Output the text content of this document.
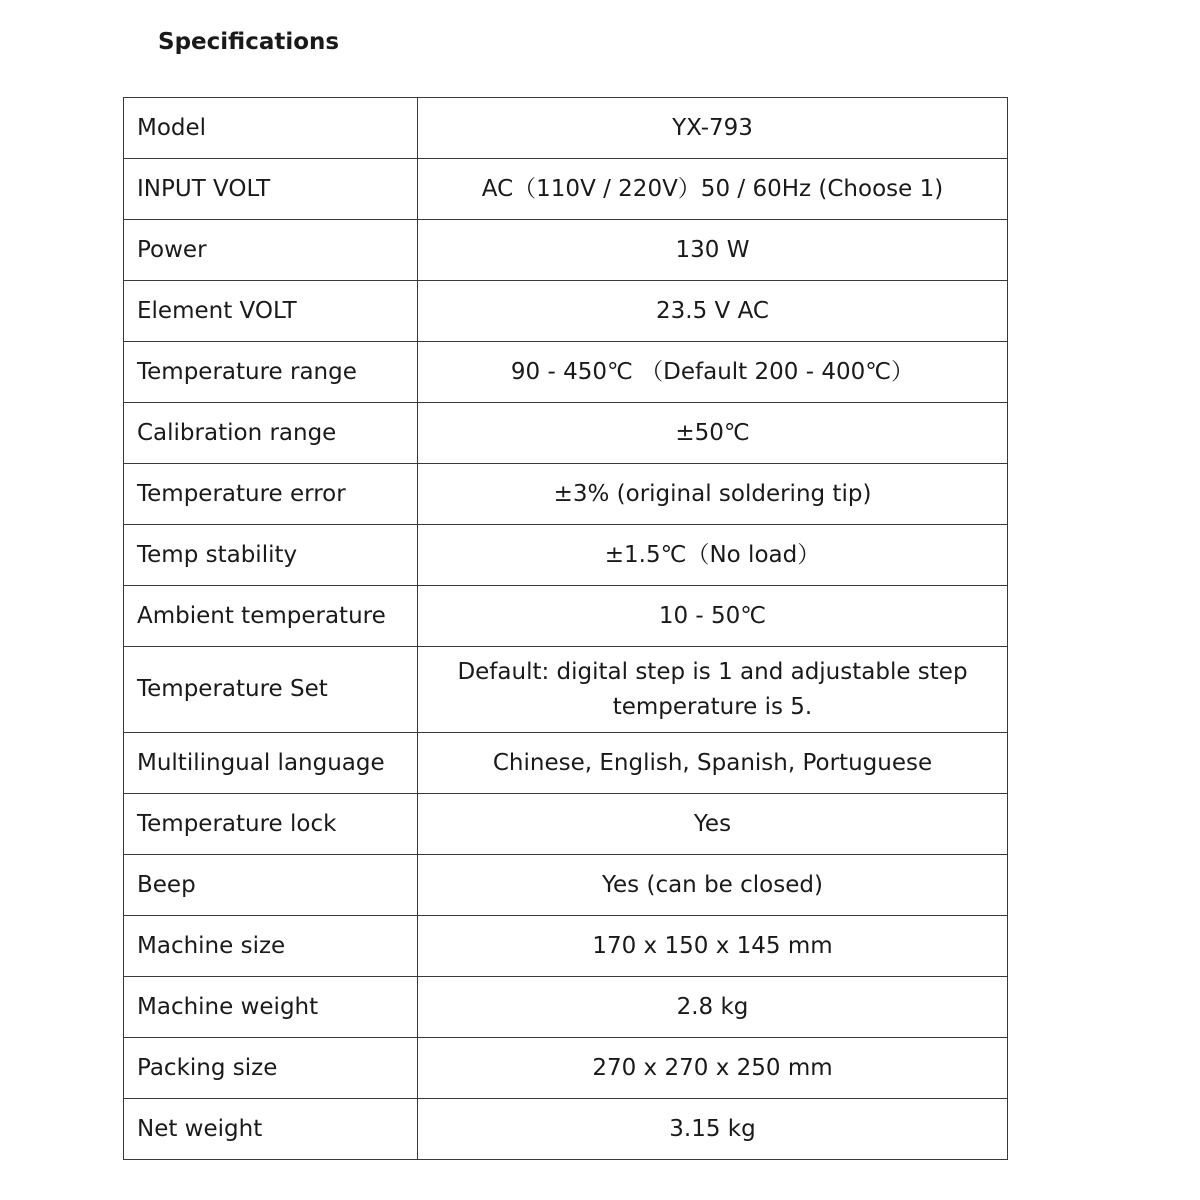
Specifications
Model	YX-793
INPUT VOLT	AC（110V / 220V）50 / 60Hz (Choose 1)
Power	130 W
Element VOLT	23.5 V AC
Temperature range	90 - 450℃ （Default 200 - 400℃）
Calibration range	±50℃
Temperature error	±3% (original soldering tip)
Temp stability	±1.5℃（No load）
Ambient temperature	10 - 50℃
Temperature Set	Default: digital step is 1 and adjustable step temperature is 5.
Multilingual language	Chinese, English, Spanish, Portuguese
Temperature lock	Yes
Beep	Yes (can be closed)
Machine size	170 x 150 x 145 mm
Machine weight	2.8 kg
Packing size	270 x 270 x 250 mm
Net weight	3.15 kg
